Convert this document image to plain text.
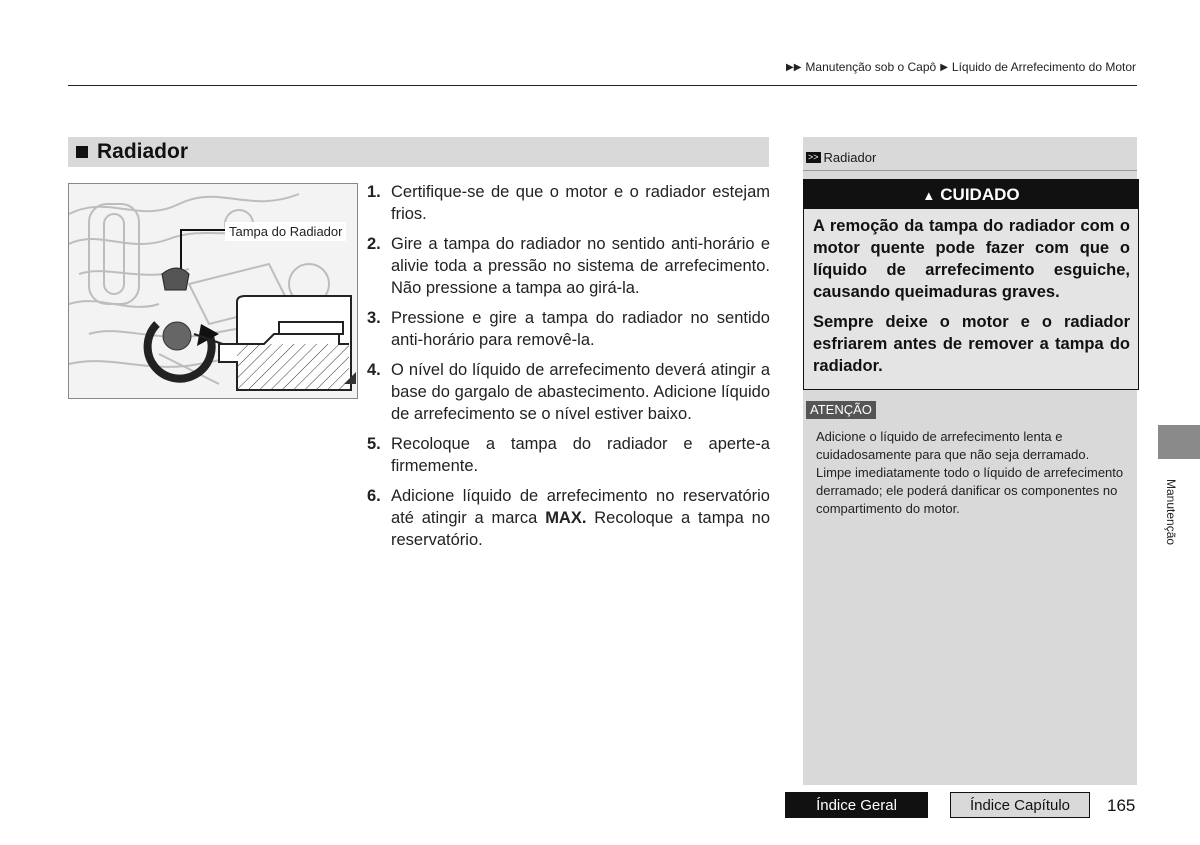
▶▶ Manutenção sob o Capô ▶ Líquido de Arrefecimento do Motor
Radiador
Tampa do Radiador
1. Certifique-se de que o motor e o radiador estejam frios.
2. Gire a tampa do radiador no sentido anti-horário e alivie toda a pressão no sistema de arrefecimento. Não pressione a tampa ao girá-la.
3. Pressione e gire a tampa do radiador no sentido anti-horário para removê-la.
4. O nível do líquido de arrefecimento deverá atingir a base do gargalo de abastecimento. Adicione líquido de arrefecimento se o nível estiver baixo.
5. Recoloque a tampa do radiador e aperte-a firmemente.
6. Adicione líquido de arrefecimento no reservatório até atingir a marca MAX. Recoloque a tampa no reservatório.
>> Radiador
▲ CUIDADO

A remoção da tampa do radiador com o motor quente pode fazer com que o líquido de arrefecimento esguiche, causando queimaduras graves.

Sempre deixe o motor e o radiador esfriarem antes de remover a tampa do radiador.

ATENÇÃO
Adicione o líquido de arrefecimento lenta e cuidadosamente para que não seja derramado. Limpe imediatamente todo o líquido de arrefecimento derramado; ele poderá danificar os componentes no compartimento do motor.	Manutenção
Índice Geral	Índice Capítulo	165
